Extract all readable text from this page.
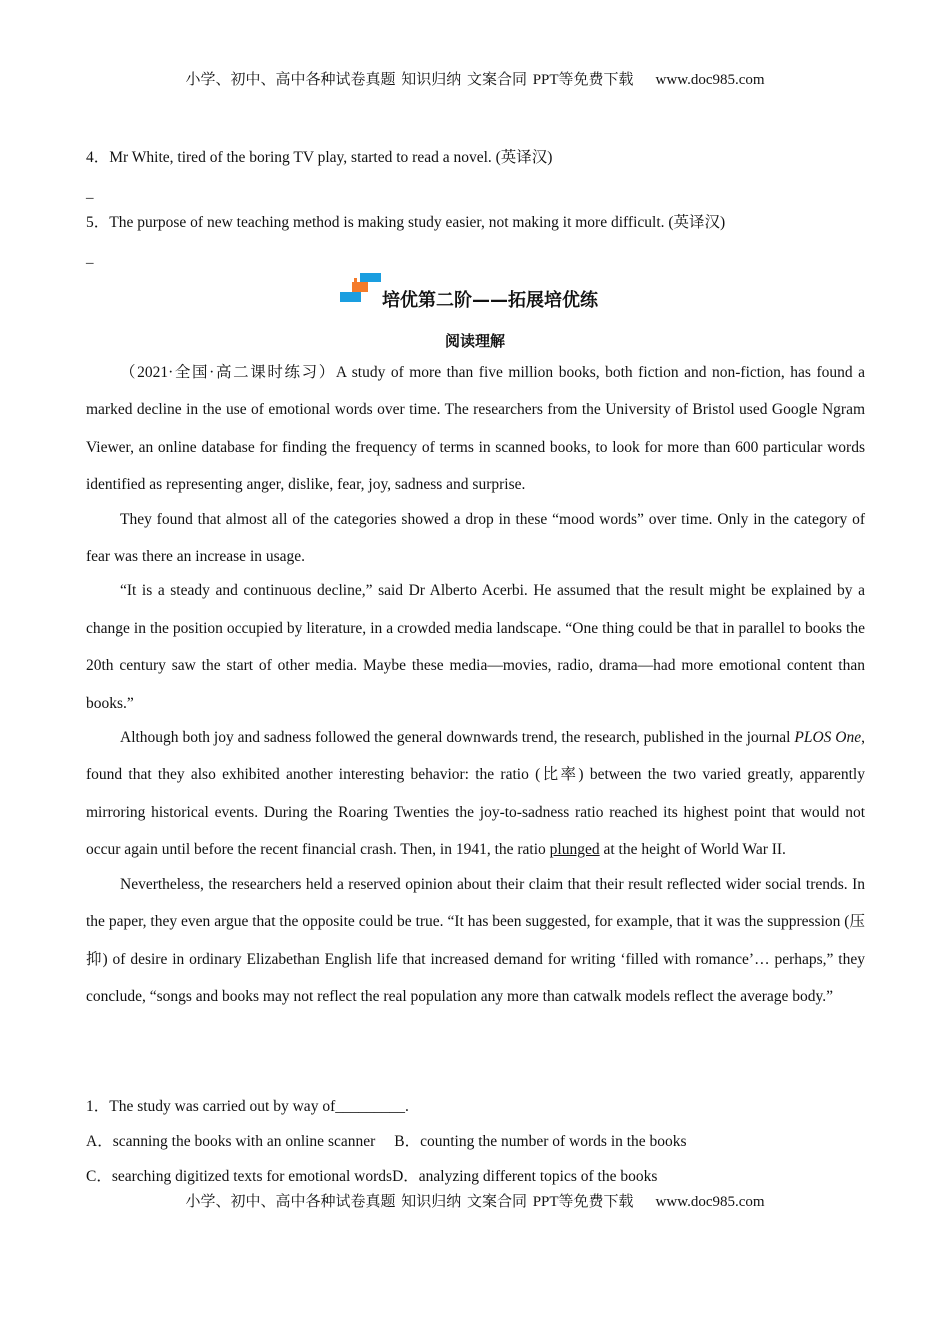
小学、初中、高中各种试卷真题 知识归纳 文案合同 PPT等免费下载 www.doc985.com
4．Mr White, tired of the boring TV play, started to read a novel. (英译汉)
_
5．The purpose of new teaching method is making study easier, not making it more difficult. (英译汉)
_
培优第二阶——拓展培优练
阅读理解

（2021·全国·高二课时练习）A study of more than five million books, both fiction and non-fiction, has found a marked decline in the use of emotional words over time. The researchers from the University of Bristol used Google Ngram Viewer, an online database for finding the frequency of terms in scanned books, to look for more than 600 particular words identified as representing anger, dislike, fear, joy, sadness and surprise.

They found that almost all of the categories showed a drop in these “mood words” over time. Only in the category of fear was there an increase in usage.

“It is a steady and continuous decline,” said Dr Alberto Acerbi. He assumed that the result might be explained by a change in the position occupied by literature, in a crowded media landscape. “One thing could be that in parallel to books the 20th century saw the start of other media. Maybe these media—movies, radio, drama—had more emotional content than books.”

Although both joy and sadness followed the general downwards trend, the research, published in the journal PLOS One, found that they also exhibited another interesting behavior: the ratio (比率) between the two varied greatly, apparently mirroring historical events. During the Roaring Twenties the joy-to-sadness ratio reached its highest point that would not occur again until before the recent financial crash. Then, in 1941, the ratio plunged at the height of World War II.

Nevertheless, the researchers held a reserved opinion about their claim that their result reflected wider social trends. In the paper, they even argue that the opposite could be true. “It has been suggested, for example, that it was the suppression (压抑) of desire in ordinary Elizabethan English life that increased demand for writing ‘filled with romance’… perhaps,” they conclude, “songs and books may not reflect the real population any more than catwalk models reflect the average body.”

1．The study was carried out by way of_________.
A．scanning the books with an online scanner B．counting the number of words in the books
C．searching digitized texts for emotional wordsD．analyzing different topics of the books
小学、初中、高中各种试卷真题 知识归纳 文案合同 PPT等免费下载 www.doc985.com
